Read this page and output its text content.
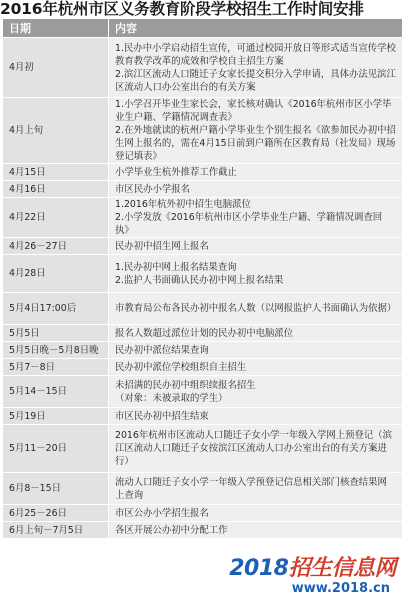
2016年杭州市区义务教育阶段学校招生工作时间安排
日期	内容
4月初	1.民办中小学启动招生宣传，可通过校园开放日等形式适当宣传学校教育教学改革的成效和学校自主招生方案
2.滨江区流动人口随迁子女家长提交积分入学申请，具体办法见滨江区流动人口办公室出台的有关方案

4月上旬	1.小学召开毕业生家长会，家长核对确认《2016年杭州市区小学毕业生户籍、学籍情况调查表》
2.在外地就读的杭州户籍小学毕业生个别生报名《欲参加民办初中招生网上报名的，需在4月15日前到户籍所在区教育局（社发局）现场登记填表》

4月15日	小学毕业生杭外推荐工作截止

4月16日	市区民办小学报名

4月22日	1.2016年杭外初中招生电脑派位
2.小学发放《2016年杭州市区小学毕业生户籍、学籍情况调查回执》

4月26－27日	民办初中招生网上报名

4月28日	1.民办初中网上报名结果查询
2.监护人书面确认民办初中网上报名结果

5月4日17:00后	市教育局公布各民办初中报名人数（以网报监护人书面确认为依据）

5月5日	报名人数超过派位计划的民办初中电脑派位

5月5日晚－5月8日晚	民办初中派位结果查询

5月7－8日	民办初中派位学校组织自主招生

5月14－15日	未招满的民办初中组织续报名招生
（对象：未被录取的学生）

5月19日	市区民办初中招生结束

5月11－20日	2016年杭州市区流动人口随迁子女小学一年级入学网上预登记（滨江区流动人口随迁子女按滨江区流动人口办公室出台的有关方案进行）

6月8－15日	流动人口随迁子女小学一年级入学预登记信息相关部门核查结果网上查询

6月25－26日	市区公办小学招生报名

6月上旬－7月5日	各区开展公办初中分配工作
2018招生信息网
www.2018.cn
